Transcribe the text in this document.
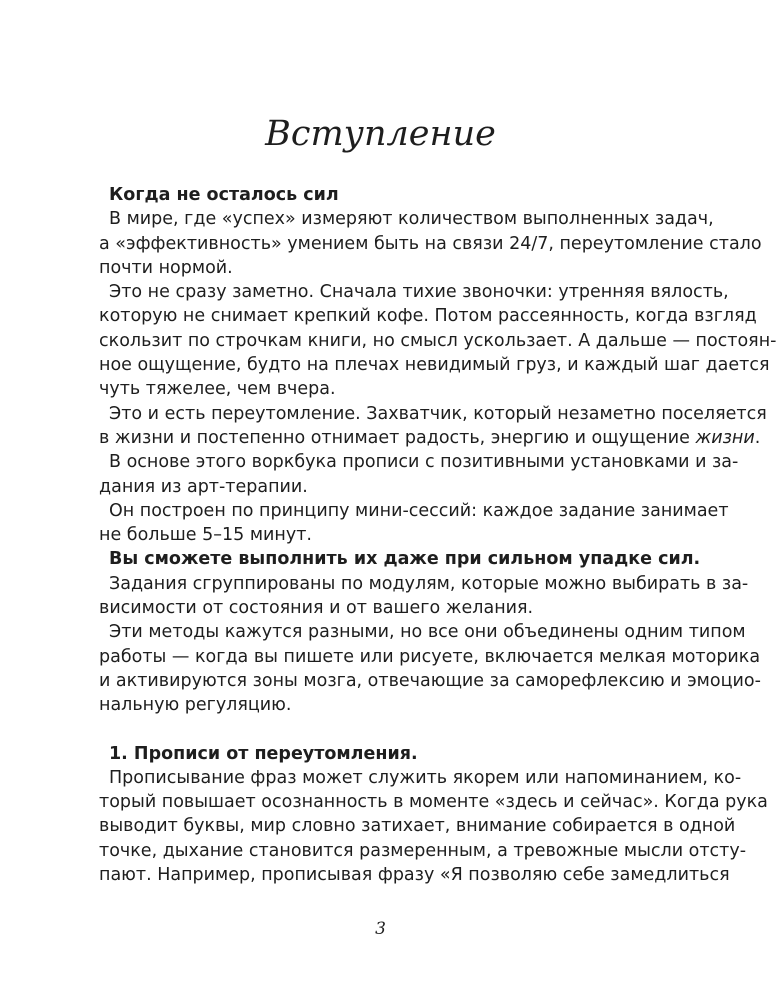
Вступление
Когда не осталось сил
В мире, где «успех» измеряют количеством выполненных задач,
а «эффективность» умением быть на связи 24/7, переутомление стало
почти нормой.
Это не сразу заметно. Сначала тихие звоночки: утренняя вялость,
которую не снимает крепкий кофе. Потом рассеянность, когда взгляд
скользит по строчкам книги, но смысл ускользает. А дальше — постоян-
ное ощущение, будто на плечах невидимый груз, и каждый шаг дается
чуть тяжелее, чем вчера.
Это и есть переутомление. Захватчик, который незаметно поселяется
в жизни и постепенно отнимает радость, энергию и ощущение жизни.
В основе этого воркбука прописи с позитивными установками и за-
дания из арт-терапии.
Он построен по принципу мини-сессий: каждое задание занимает
не больше 5–15 минут.
Вы сможете выполнить их даже при сильном упадке сил.
Задания сгруппированы по модулям, которые можно выбирать в за-
висимости от состояния и от вашего желания.
Эти методы кажутся разными, но все они объединены одним типом
работы — когда вы пишете или рисуете, включается мелкая моторика
и активируются зоны мозга, отвечающие за саморефлексию и эмоцио-
нальную регуляцию.
1. Прописи от переутомления.
Прописывание фраз может служить якорем или напоминанием, ко-
торый повышает осознанность в моменте «здесь и сейчас». Когда рука
выводит буквы, мир словно затихает, внимание собирается в одной
точке, дыхание становится размеренным, а тревожные мысли отсту-
пают. Например, прописывая фразу «Я позволяю себе замедлиться
3
